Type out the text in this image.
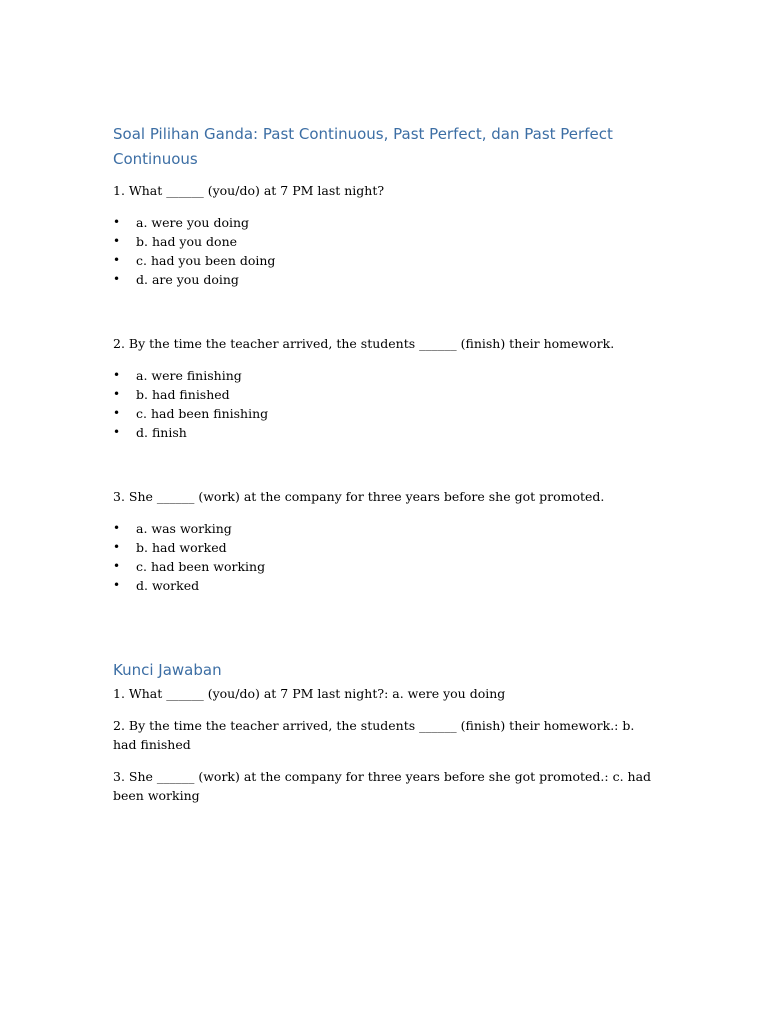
Soal Pilihan Ganda: Past Continuous, Past Perfect, dan Past Perfect Continuous

1. What ______ (you/do) at 7 PM last night?

• a. were you doing
• b. had you done
• c. had you been doing
• d. are you doing

2. By the time the teacher arrived, the students ______ (finish) their homework.

• a. were finishing
• b. had finished
• c. had been finishing
• d. finish

3. She ______ (work) at the company for three years before she got promoted.

• a. was working
• b. had worked
• c. had been working
• d. worked
Kunci Jawaban

1. What ______ (you/do) at 7 PM last night?: a. were you doing

2. By the time the teacher arrived, the students ______ (finish) their homework.: b. had finished

3. She ______ (work) at the company for three years before she got promoted.: c. had been working
